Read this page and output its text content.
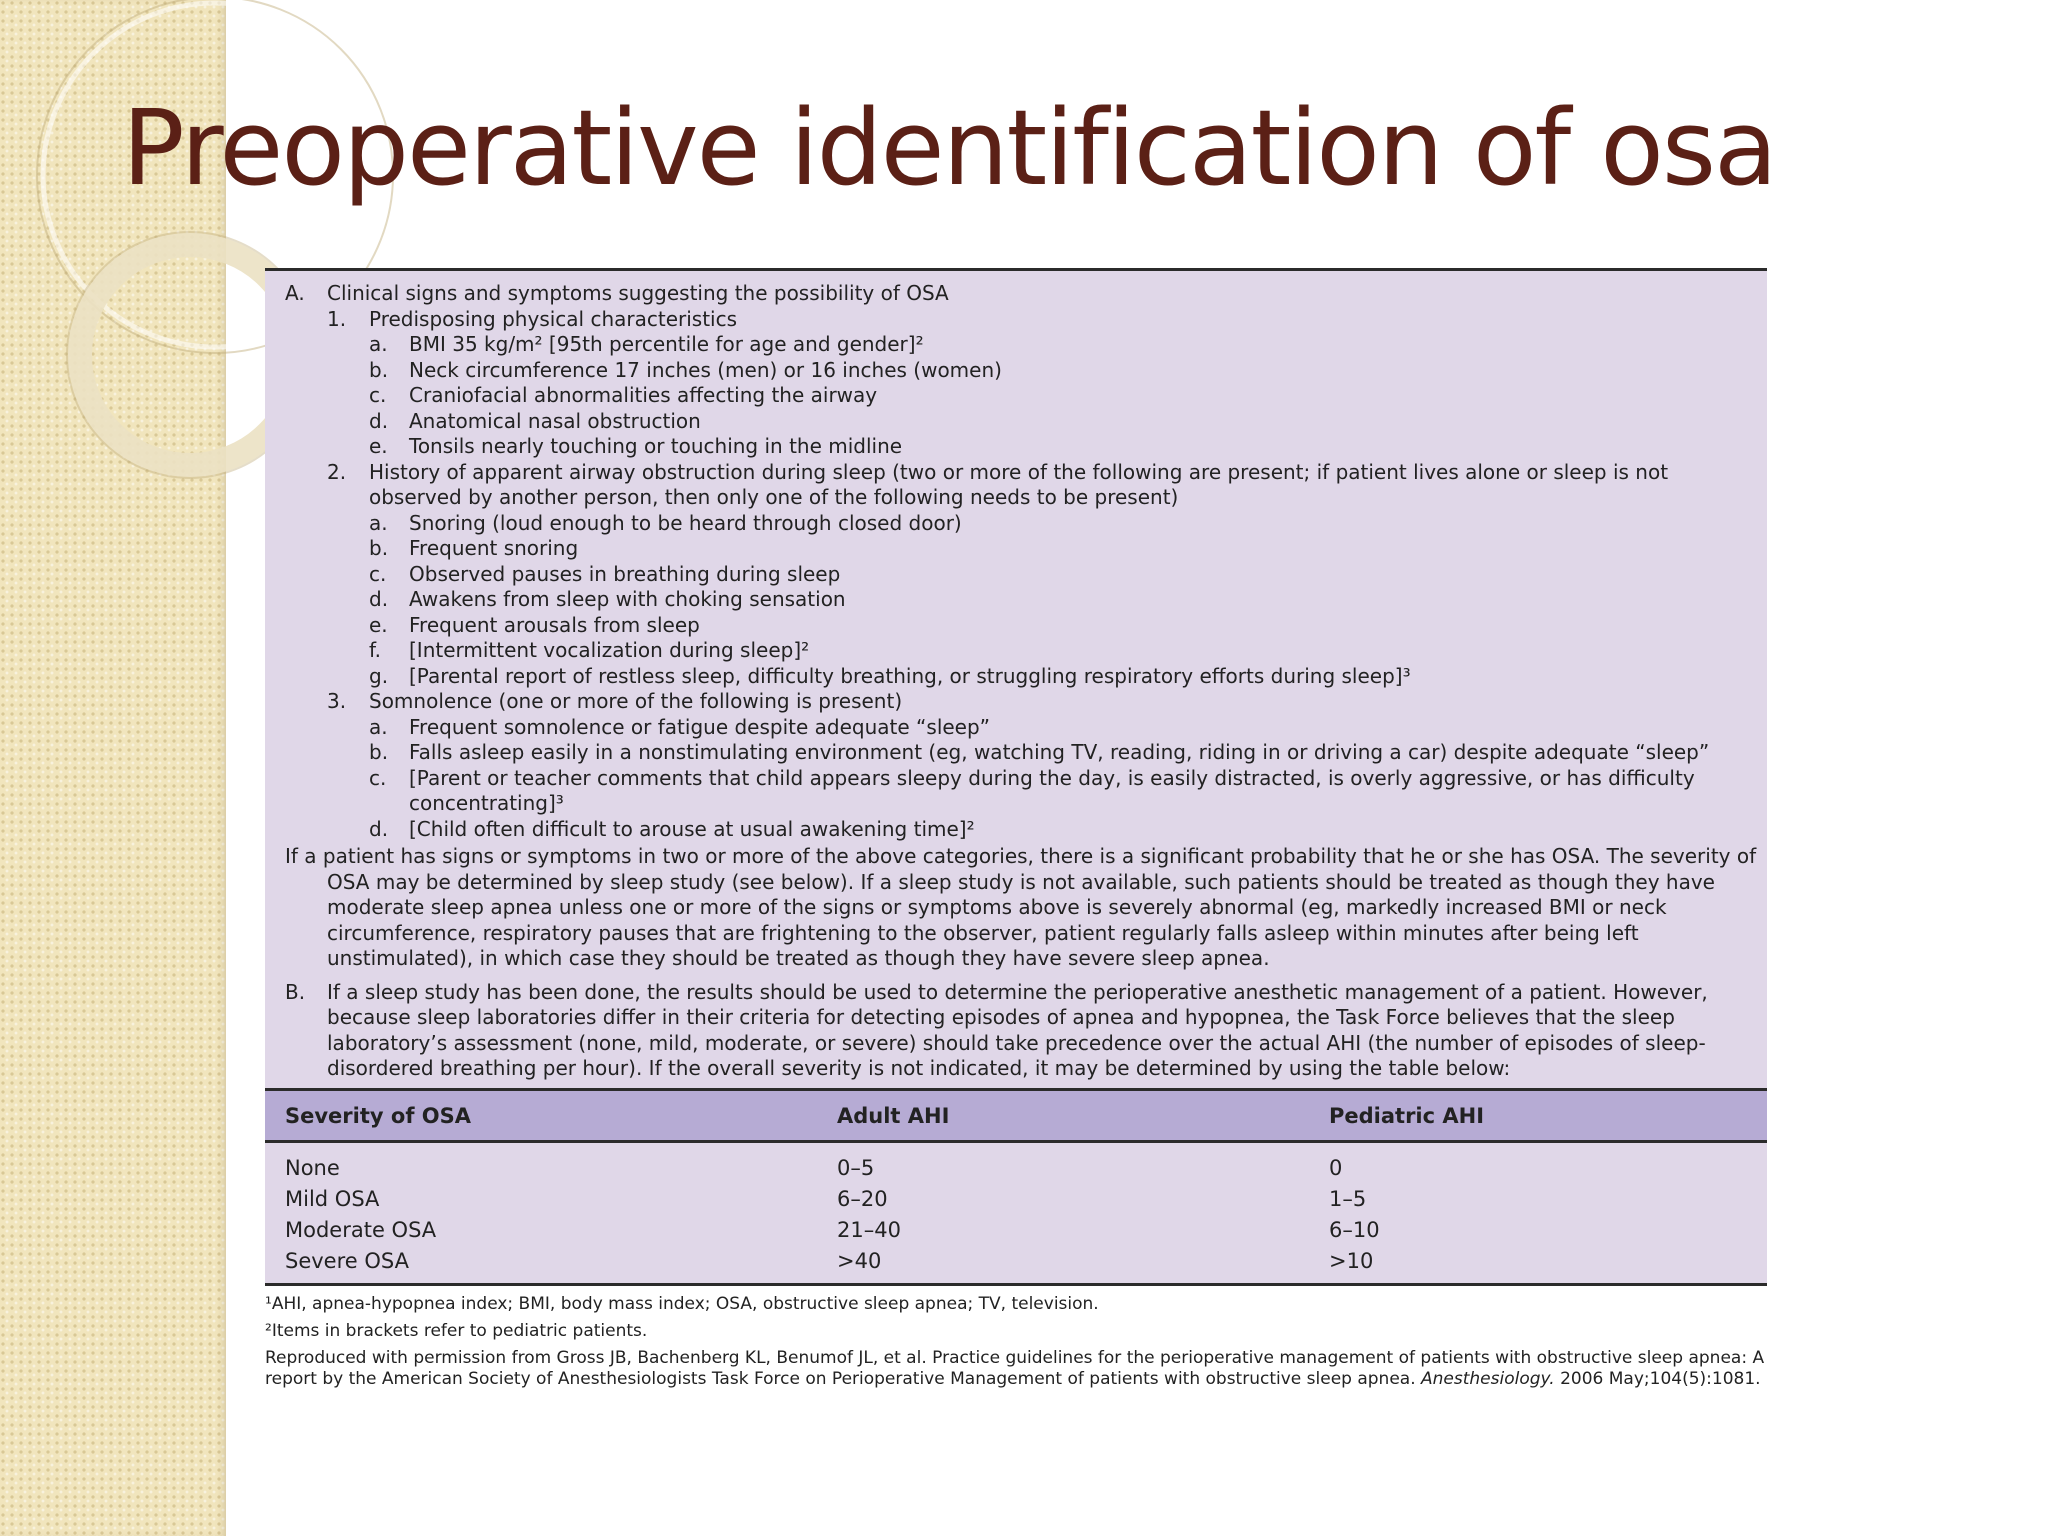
Preoperative identification of osa
A.	Clinical signs and symptoms suggesting the possibility of OSA
1.	Predisposing physical characteristics
a.	BMI 35 kg/m² [95th percentile for age and gender]²
b.	Neck circumference 17 inches (men) or 16 inches (women)
c.	Craniofacial abnormalities affecting the airway
d.	Anatomical nasal obstruction
e.	Tonsils nearly touching or touching in the midline
2.	History of apparent airway obstruction during sleep (two or more of the following are present; if patient lives alone or sleep is not observed by another person, then only one of the following needs to be present)
a.	Snoring (loud enough to be heard through closed door)
b.	Frequent snoring
c.	Observed pauses in breathing during sleep
d.	Awakens from sleep with choking sensation
e.	Frequent arousals from sleep
f.	[Intermittent vocalization during sleep]²
g.	[Parental report of restless sleep, difficulty breathing, or struggling respiratory efforts during sleep]³
3.	Somnolence (one or more of the following is present)
a.	Frequent somnolence or fatigue despite adequate “sleep”
b.	Falls asleep easily in a nonstimulating environment (eg, watching TV, reading, riding in or driving a car) despite adequate “sleep”
c.	[Parent or teacher comments that child appears sleepy during the day, is easily distracted, is overly aggressive, or has difficulty concentrating]³
d.	[Child often difficult to arouse at usual awakening time]²
If a patient has signs or symptoms in two or more of the above categories, there is a significant probability that he or she has OSA. The severity of OSA may be determined by sleep study (see below). If a sleep study is not available, such patients should be treated as though they have moderate sleep apnea unless one or more of the signs or symptoms above is severely abnormal (eg, markedly increased BMI or neck circumference, respiratory pauses that are frightening to the observer, patient regularly falls asleep within minutes after being left unstimulated), in which case they should be treated as though they have severe sleep apnea.
B.	If a sleep study has been done, the results should be used to determine the perioperative anesthetic management of a patient. However, because sleep laboratories differ in their criteria for detecting episodes of apnea and hypopnea, the Task Force believes that the sleep laboratory’s assessment (none, mild, moderate, or severe) should take precedence over the actual AHI (the number of episodes of sleep-disordered breathing per hour). If the overall severity is not indicated, it may be determined by using the table below:
Severity of OSA	Adult AHI	Pediatric AHI
None	0–5	0
Mild OSA	6–20	1–5
Moderate OSA	21–40	6–10
Severe OSA	>40	>10

¹AHI, apnea-hypopnea index; BMI, body mass index; OSA, obstructive sleep apnea; TV, television.

²Items in brackets refer to pediatric patients.

Reproduced with permission from Gross JB, Bachenberg KL, Benumof JL, et al. Practice guidelines for the perioperative management of patients with obstructive sleep apnea: A report by the American Society of Anesthesiologists Task Force on Perioperative Management of patients with obstructive sleep apnea. Anesthesiology. 2006 May;104(5):1081.
